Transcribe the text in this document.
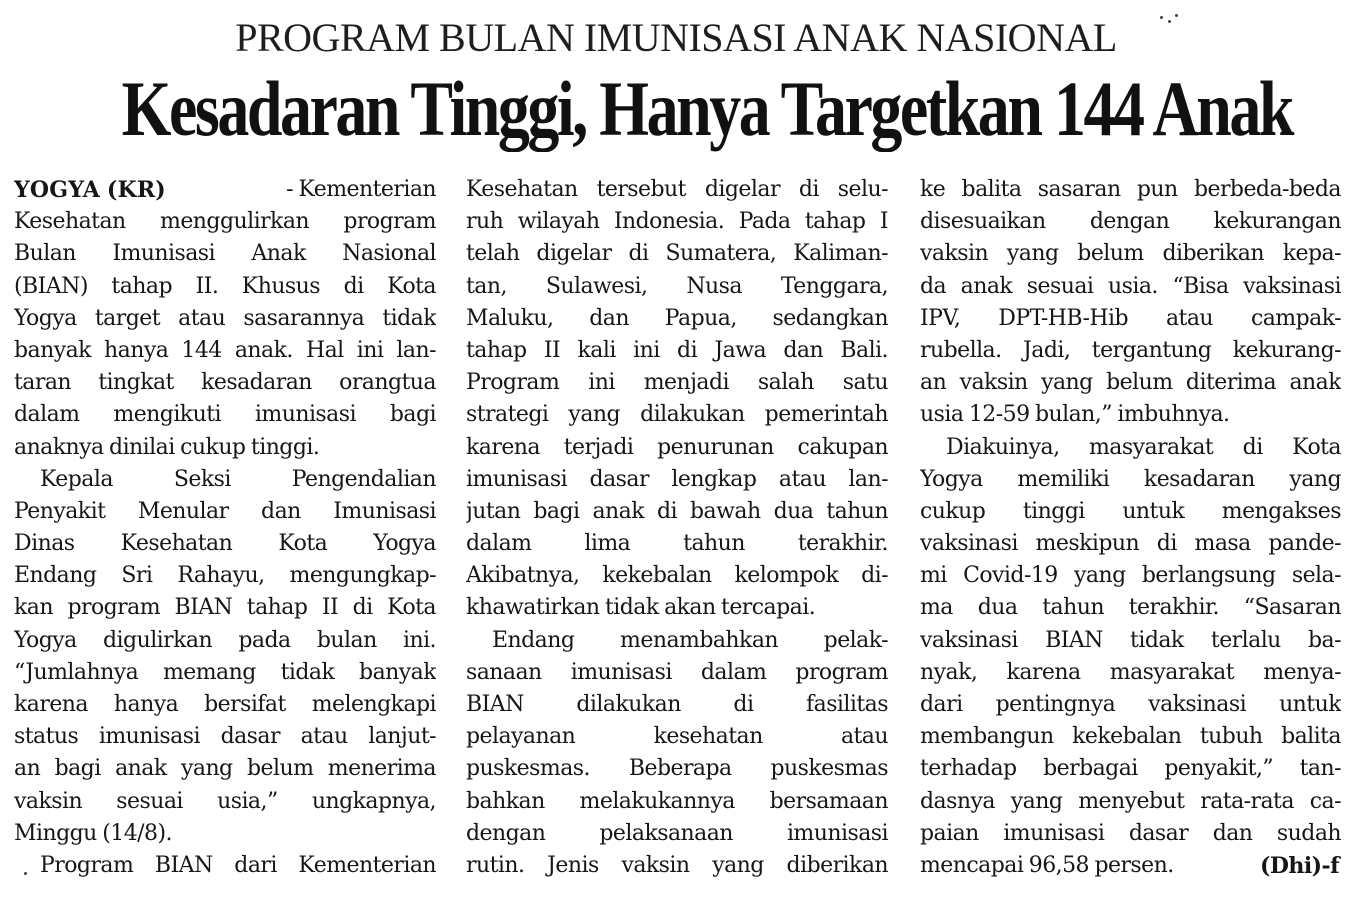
PROGRAM BULAN IMUNISASI ANAK NASIONAL
Kesadaran Tinggi, Hanya Targetkan 144 Anak
YOGYA (KR)	- Kementerian
Kesehatan menggulirkan program
Bulan Imunisasi Anak Nasional
(BIAN) tahap II. Khusus di Kota
Yogya target atau sasarannya tidak
banyak hanya 144 anak. Hal ini lan-
taran tingkat kesadaran orangtua
dalam mengikuti imunisasi bagi
anaknya dinilai cukup tinggi.
Kepala Seksi Pengendalian
Penyakit Menular dan Imunisasi
Dinas Kesehatan Kota Yogya
Endang Sri Rahayu, mengungkap-
kan program BIAN tahap II di Kota
Yogya digulirkan pada bulan ini.
“Jumlahnya memang tidak banyak
karena hanya bersifat melengkapi
status imunisasi dasar atau lanjut-
an bagi anak yang belum menerima
vaksin sesuai usia,” ungkapnya,
Minggu (14/8).
Program BIAN dari Kementerian
Kesehatan tersebut digelar di selu-
ruh wilayah Indonesia. Pada tahap I
telah digelar di Sumatera, Kaliman-
tan, Sulawesi, Nusa Tenggara,
Maluku, dan Papua, sedangkan
tahap II kali ini di Jawa dan Bali.
Program ini menjadi salah satu
strategi yang dilakukan pemerintah
karena terjadi penurunan cakupan
imunisasi dasar lengkap atau lan-
jutan bagi anak di bawah dua tahun
dalam lima tahun terakhir.
Akibatnya, kekebalan kelompok di-
khawatirkan tidak akan tercapai.
Endang menambahkan pelak-
sanaan imunisasi dalam program
BIAN dilakukan di fasilitas
pelayanan kesehatan atau
puskesmas. Beberapa puskesmas
bahkan melakukannya bersamaan
dengan pelaksanaan imunisasi
rutin. Jenis vaksin yang diberikan
ke balita sasaran pun berbeda-beda
disesuaikan dengan kekurangan
vaksin yang belum diberikan kepa-
da anak sesuai usia. “Bisa vaksinasi
IPV, DPT-HB-Hib atau campak-
rubella. Jadi, tergantung kekurang-
an vaksin yang belum diterima anak
usia 12-59 bulan,” imbuhnya.
Diakuinya, masyarakat di Kota
Yogya memiliki kesadaran yang
cukup tinggi untuk mengakses
vaksinasi meskipun di masa pande-
mi Covid-19 yang berlangsung sela-
ma dua tahun terakhir. “Sasaran
vaksinasi BIAN tidak terlalu ba-
nyak, karena masyarakat menya-
dari pentingnya vaksinasi untuk
membangun kekebalan tubuh balita
terhadap berbagai penyakit,” tan-
dasnya yang menyebut rata-rata ca-
paian imunisasi dasar dan sudah
mencapai 96,58 persen.	(Dhi)-f
